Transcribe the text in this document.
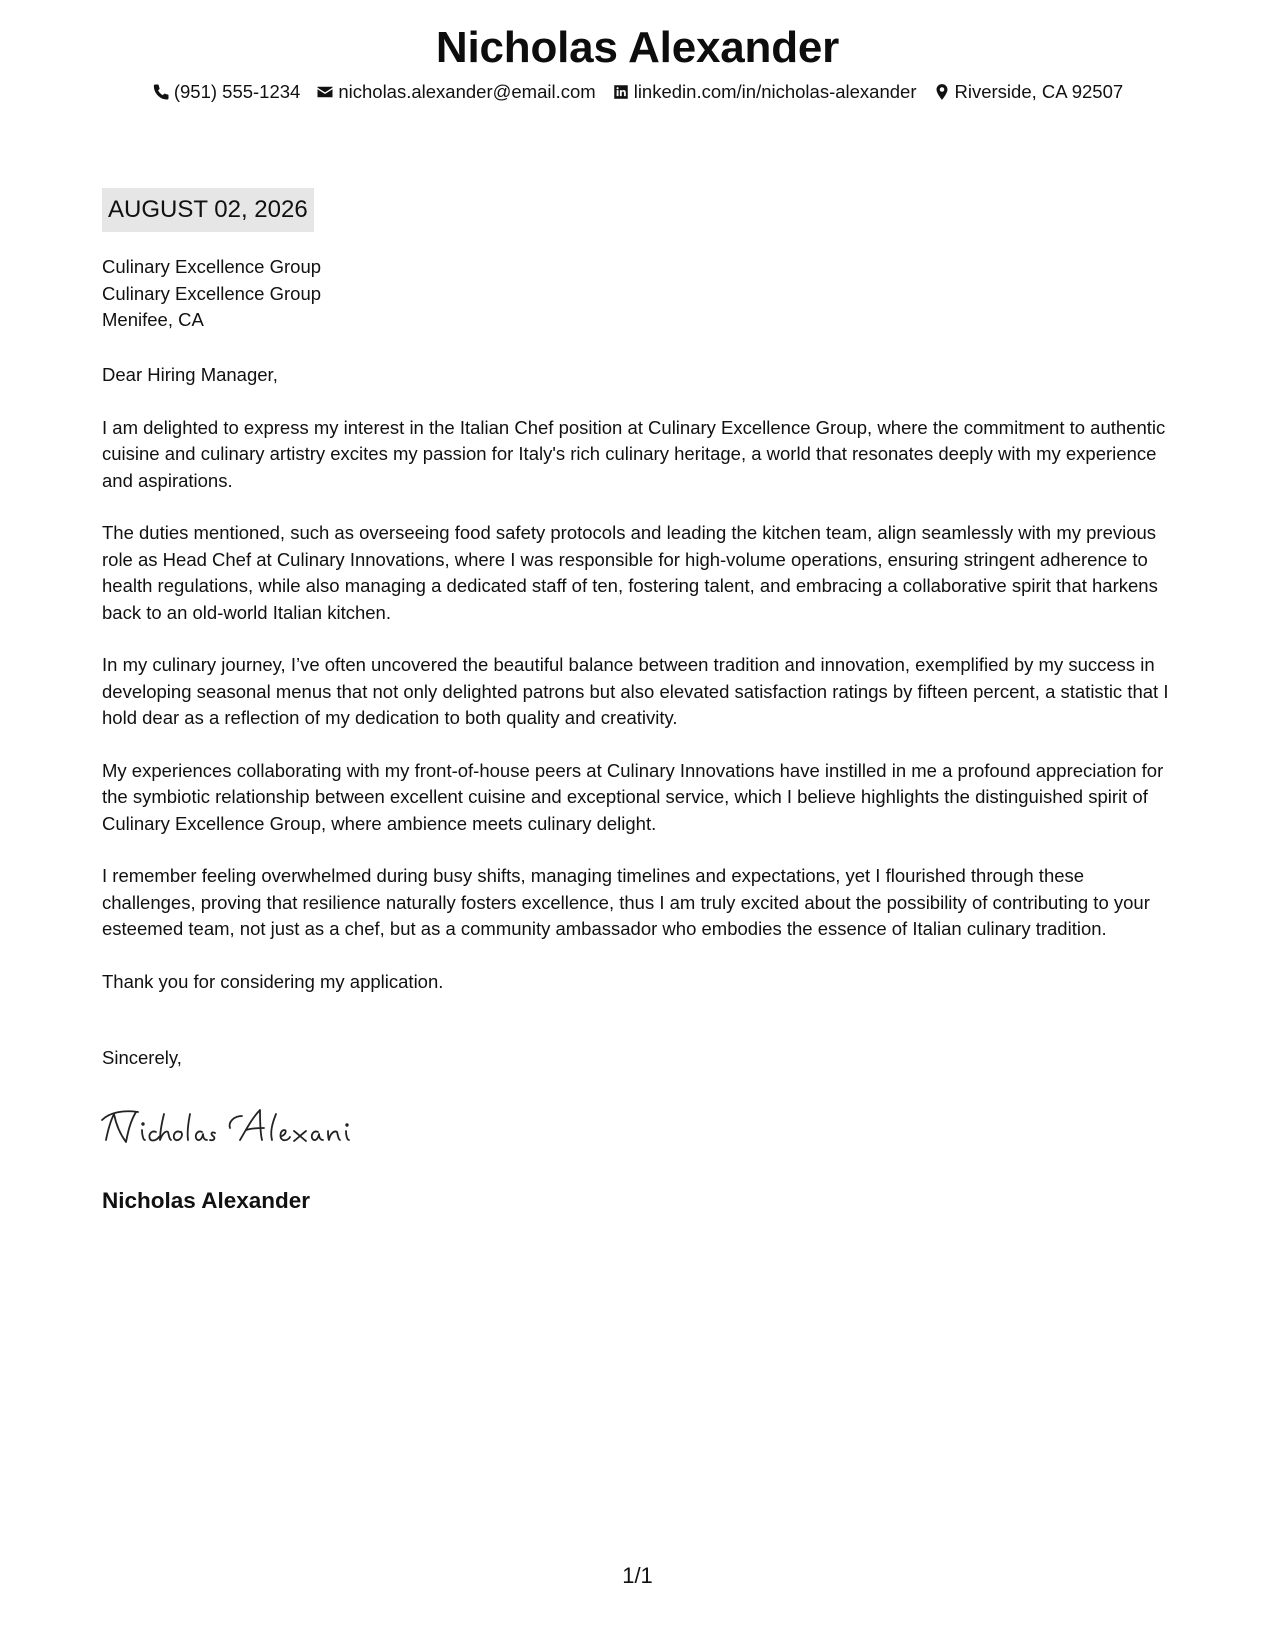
Nicholas Alexander
(951) 555-1234 nicholas.alexander@email.com linkedin.com/in/nicholas-alexander Riverside, CA 92507
AUGUST 02, 2026
Culinary Excellence Group
Culinary Excellence Group
Menifee, CA

Dear Hiring Manager,

I am delighted to express my interest in the Italian Chef position at Culinary Excellence Group, where the commitment to authentic cuisine and culinary artistry excites my passion for Italy's rich culinary heritage, a world that resonates deeply with my experience and aspirations.

The duties mentioned, such as overseeing food safety protocols and leading the kitchen team, align seamlessly with my previous role as Head Chef at Culinary Innovations, where I was responsible for high-volume operations, ensuring stringent adherence to health regulations, while also managing a dedicated staff of ten, fostering talent, and embracing a collaborative spirit that harkens back to an old-world Italian kitchen.

In my culinary journey, I’ve often uncovered the beautiful balance between tradition and innovation, exemplified by my success in developing seasonal menus that not only delighted patrons but also elevated satisfaction ratings by fifteen percent, a statistic that I hold dear as a reflection of my dedication to both quality and creativity.

My experiences collaborating with my front-of-house peers at Culinary Innovations have instilled in me a profound appreciation for the symbiotic relationship between excellent cuisine and exceptional service, which I believe highlights the distinguished spirit of Culinary Excellence Group, where ambience meets culinary delight.

I remember feeling overwhelmed during busy shifts, managing timelines and expectations, yet I flourished through these challenges, proving that resilience naturally fosters excellence, thus I am truly excited about the possibility of contributing to your esteemed team, not just as a chef, but as a community ambassador who embodies the essence of Italian culinary tradition.

Thank you for considering my application.

Sincerely,
Nicholas Alexander
1/1
